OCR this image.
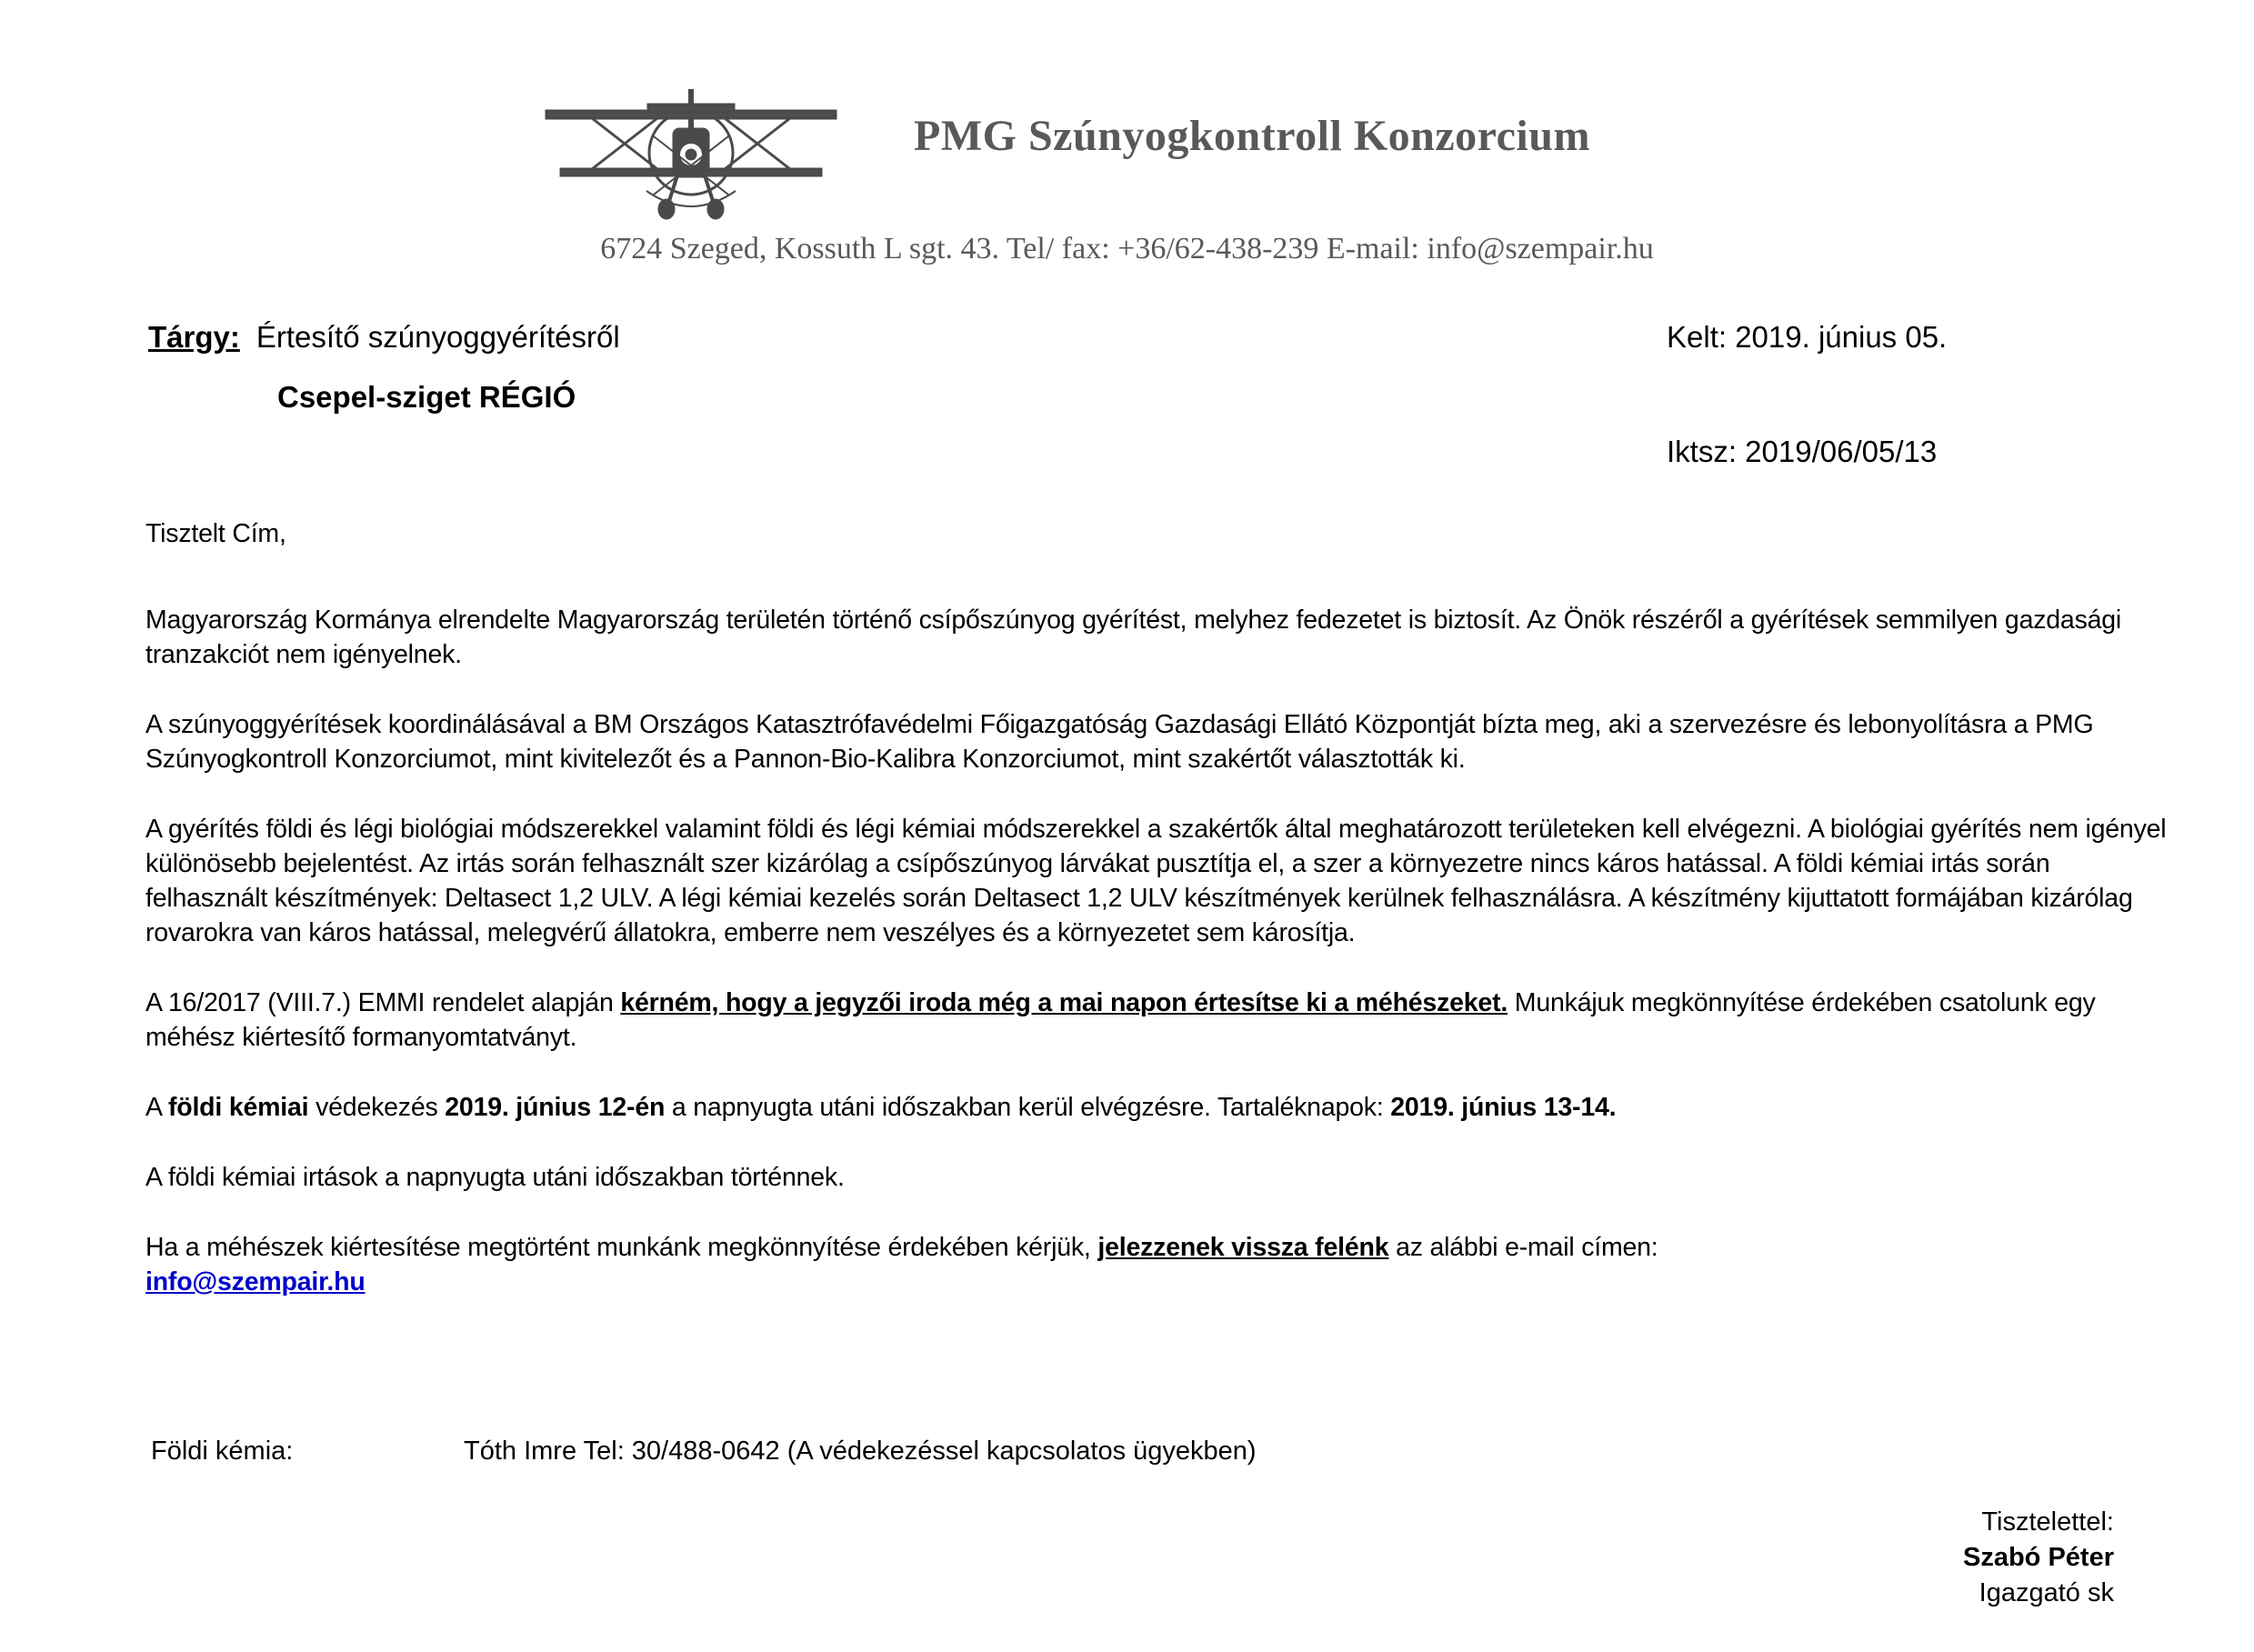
PMG Szúnyogkontroll Konzorcium
6724 Szeged, Kossuth L sgt. 43. Tel/ fax: +36/62-438-239 E-mail: info@szempair.hu
Tárgy: Értesítő szúnyoggyérítésről
Csepel-sziget RÉGIÓ
Kelt: 2019. június 05.
Iktsz: 2019/06/05/13

Tisztelt Cím,

Magyarország Kormánya elrendelte Magyarország területén történő csípőszúnyog gyérítést, melyhez fedezetet is biztosít. Az Önök részéről a gyérítések semmilyen gazdasági tranzakciót nem igényelnek.

A szúnyoggyérítések koordinálásával a BM Országos Katasztrófavédelmi Főigazgatóság Gazdasági Ellátó Központját bízta meg, aki a szervezésre és lebonyolításra a PMG Szúnyogkontroll Konzorciumot, mint kivitelezőt és a Pannon-Bio-Kalibra Konzorciumot, mint szakértőt választották ki.

A gyérítés földi és légi biológiai módszerekkel valamint földi és légi kémiai módszerekkel a szakértők által meghatározott területeken kell elvégezni. A biológiai gyérítés nem igényel különösebb bejelentést. Az irtás során felhasznált szer kizárólag a csípőszúnyog lárvákat pusztítja el, a szer a környezetre nincs káros hatással. A földi kémiai irtás során felhasznált készítmények: Deltasect 1,2 ULV. A légi kémiai kezelés során Deltasect 1,2 ULV készítmények kerülnek felhasználásra. A készítmény kijuttatott formájában kizárólag rovarokra van káros hatással, melegvérű állatokra, emberre nem veszélyes és a környezetet sem károsítja.

A 16/2017 (VIII.7.) EMMI rendelet alapján kérném, hogy a jegyzői iroda még a mai napon értesítse ki a méhészeket. Munkájuk megkönnyítése érdekében csatolunk egy méhész kiértesítő formanyomtatványt.

A földi kémiai védekezés 2019. június 12-én a napnyugta utáni időszakban kerül elvégzésre. Tartaléknapok: 2019. június 13-14.

A földi kémiai irtások a napnyugta utáni időszakban történnek.

Ha a méhészek kiértesítése megtörtént munkánk megkönnyítése érdekében kérjük, jelezzenek vissza felénk az alábbi e-mail címen:
info@szempair.hu

Földi kémia:	Tóth Imre Tel: 30/488-0642 (A védekezéssel kapcsolatos ügyekben)
Tisztelettel:
Szabó Péter
Igazgató sk
